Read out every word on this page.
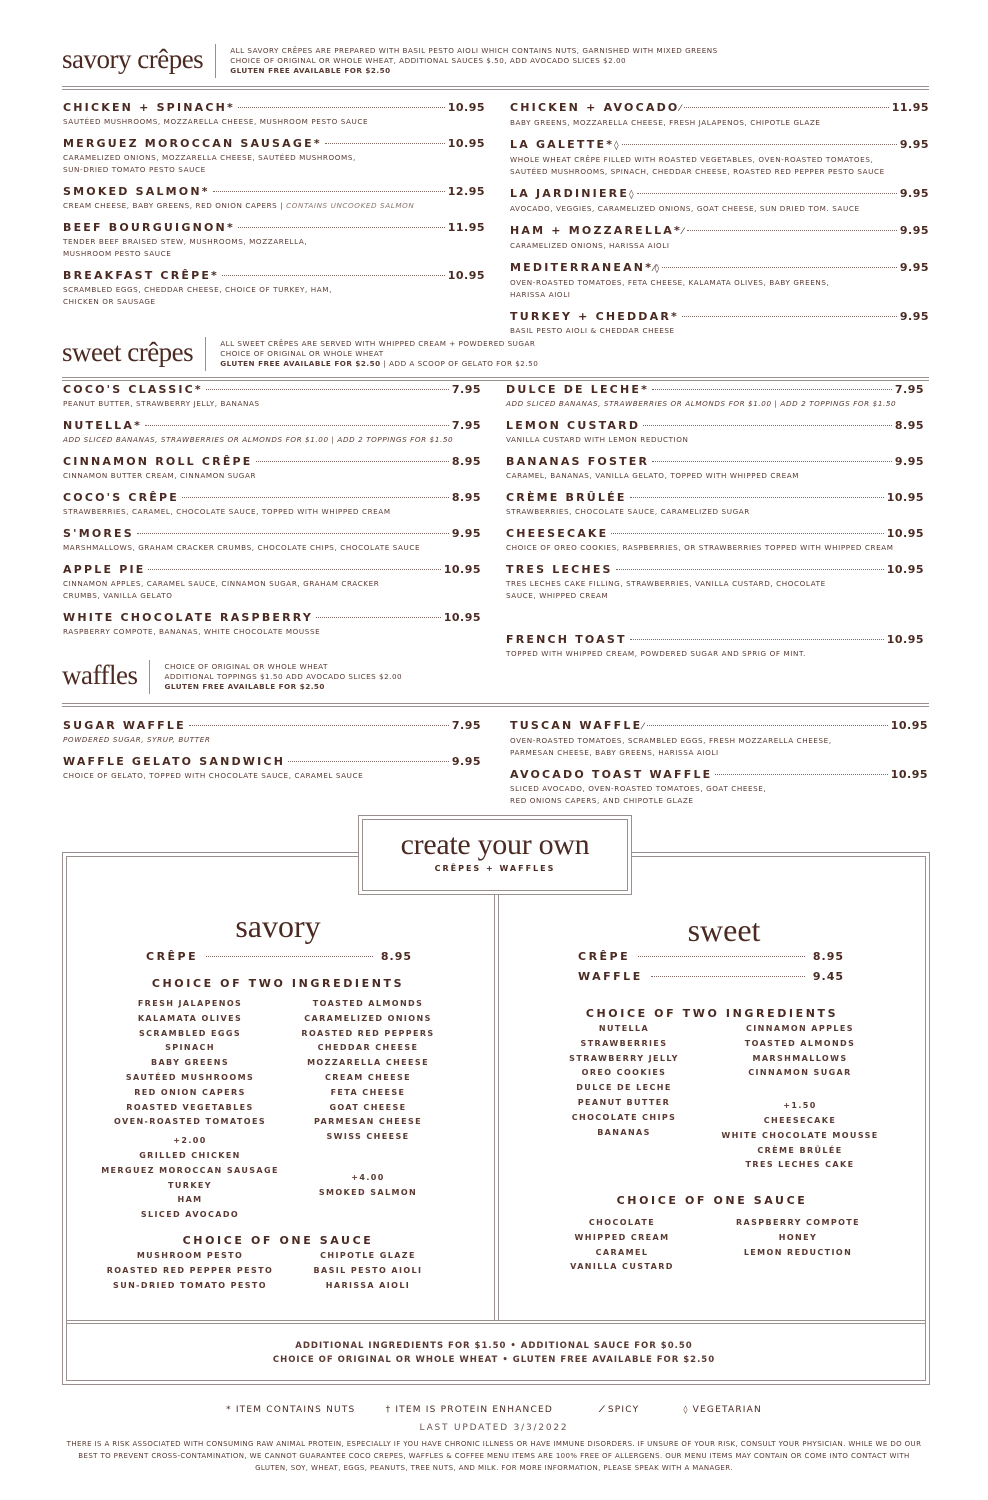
savory crêpes	ALL SAVORY CRÊPES ARE PREPARED WITH BASIL PESTO AIOLI WHICH CONTAINS NUTS, GARNISHED WITH MIXED GREENS
CHOICE OF ORIGINAL OR WHOLE WHEAT, ADDITIONAL SAUCES $.50, ADD AVOCADO SLICES $2.00
GLUTEN FREE AVAILABLE FOR $2.50
CHICKEN + SPINACH*	10.95
SAUTÉED MUSHROOMS, MOZZARELLA CHEESE, MUSHROOM PESTO SAUCE
MERGUEZ MOROCCAN SAUSAGE*	10.95
CARAMELIZED ONIONS, MOZZARELLA CHEESE, SAUTÉED MUSHROOMS,
SUN-DRIED TOMATO PESTO SAUCE
SMOKED SALMON*	12.95
CREAM CHEESE, BABY GREENS, RED ONION CAPERS | CONTAINS UNCOOKED SALMON
BEEF BOURGUIGNON*	11.95
TENDER BEEF BRAISED STEW, MUSHROOMS, MOZZARELLA,
MUSHROOM PESTO SAUCE
BREAKFAST CRÊPE*	10.95
SCRAMBLED EGGS, CHEDDAR CHEESE, CHOICE OF TURKEY, HAM,
CHICKEN OR SAUSAGE
CHICKEN + AVOCADO ⁄	11.95
BABY GREENS, MOZZARELLA CHEESE, FRESH JALAPENOS, CHIPOTLE GLAZE
LA GALETTE* ◊	9.95
WHOLE WHEAT CRÊPE FILLED WITH ROASTED VEGETABLES, OVEN-ROASTED TOMATOES,
SAUTÉED MUSHROOMS, SPINACH, CHEDDAR CHEESE, ROASTED RED PEPPER PESTO SAUCE
LA JARDINIERE ◊	9.95
AVOCADO, VEGGIES, CARAMELIZED ONIONS, GOAT CHEESE, SUN DRIED TOM. SAUCE
HAM + MOZZARELLA* ⁄	9.95
CARAMELIZED ONIONS, HARISSA AIOLI
MEDITERRANEAN* ⁄ ◊	9.95
OVEN-ROASTED TOMATOES, FETA CHEESE, KALAMATA OLIVES, BABY GREENS,
HARISSA AIOLI
TURKEY + CHEDDAR*	9.95
BASIL PESTO AIOLI & CHEDDAR CHEESE
sweet crêpes	ALL SWEET CRÊPES ARE SERVED WITH WHIPPED CREAM + POWDERED SUGAR
CHOICE OF ORIGINAL OR WHOLE WHEAT
GLUTEN FREE AVAILABLE FOR $2.50 | ADD A SCOOP OF GELATO FOR $2.50
COCO'S CLASSIC*	7.95
PEANUT BUTTER, STRAWBERRY JELLY, BANANAS
NUTELLA*	7.95
ADD SLICED BANANAS, STRAWBERRIES OR ALMONDS FOR $1.00 | ADD 2 TOPPINGS FOR $1.50
CINNAMON ROLL CRÊPE	8.95
CINNAMON BUTTER CREAM, CINNAMON SUGAR
COCO'S CRÊPE	8.95
STRAWBERRIES, CARAMEL, CHOCOLATE SAUCE, TOPPED WITH WHIPPED CREAM
S'MORES	9.95
MARSHMALLOWS, GRAHAM CRACKER CRUMBS, CHOCOLATE CHIPS, CHOCOLATE SAUCE
APPLE PIE	10.95
CINNAMON APPLES, CARAMEL SAUCE, CINNAMON SUGAR, GRAHAM CRACKER
CRUMBS, VANILLA GELATO
WHITE CHOCOLATE RASPBERRY	10.95
RASPBERRY COMPOTE, BANANAS, WHITE CHOCOLATE MOUSSE
DULCE DE LECHE*	7.95
ADD SLICED BANANAS, STRAWBERRIES OR ALMONDS FOR $1.00 | ADD 2 TOPPINGS FOR $1.50
LEMON CUSTARD	8.95
VANILLA CUSTARD WITH LEMON REDUCTION
BANANAS FOSTER	9.95
CARAMEL, BANANAS, VANILLA GELATO, TOPPED WITH WHIPPED CREAM
CRÈME BRÛLÉE	10.95
STRAWBERRIES, CHOCOLATE SAUCE, CARAMELIZED SUGAR
CHEESECAKE	10.95
CHOICE OF OREO COOKIES, RASPBERRIES, OR STRAWBERRIES TOPPED WITH WHIPPED CREAM
TRES LECHES	10.95
TRES LECHES CAKE FILLING, STRAWBERRIES, VANILLA CUSTARD, CHOCOLATE
SAUCE, WHIPPED CREAM
FRENCH TOAST	10.95
TOPPED WITH WHIPPED CREAM, POWDERED SUGAR AND SPRIG OF MINT.
waffles	CHOICE OF ORIGINAL OR WHOLE WHEAT
ADDITIONAL TOPPINGS $1.50 ADD AVOCADO SLICES $2.00
GLUTEN FREE AVAILABLE FOR $2.50
SUGAR WAFFLE	7.95
POWDERED SUGAR, SYRUP, BUTTER
WAFFLE GELATO SANDWICH	9.95
CHOICE OF GELATO, TOPPED WITH CHOCOLATE SAUCE, CARAMEL SAUCE
TUSCAN WAFFLE ⁄	10.95
OVEN-ROASTED TOMATOES, SCRAMBLED EGGS, FRESH MOZZARELLA CHEESE,
PARMESAN CHEESE, BABY GREENS, HARISSA AIOLI
AVOCADO TOAST WAFFLE	10.95
SLICED AVOCADO, OVEN-ROASTED TOMATOES, GOAT CHEESE,
RED ONIONS CAPERS, AND CHIPOTLE GLAZE
create your own
CRÊPES + WAFFLES
savory
CRÊPE	8.95
CHOICE OF TWO INGREDIENTS
FRESH JALAPENOS
KALAMATA OLIVES
SCRAMBLED EGGS
SPINACH
BABY GREENS
SAUTÉED MUSHROOMS
RED ONION CAPERS
ROASTED VEGETABLES
OVEN-ROASTED TOMATOES
+2.00
GRILLED CHICKEN
MERGUEZ MOROCCAN SAUSAGE
TURKEY
HAM
SLICED AVOCADO
TOASTED ALMONDS
CARAMELIZED ONIONS
ROASTED RED PEPPERS
CHEDDAR CHEESE
MOZZARELLA CHEESE
CREAM CHEESE
FETA CHEESE
GOAT CHEESE
PARMESAN CHEESE
SWISS CHEESE
+4.00
SMOKED SALMON
CHOICE OF ONE SAUCE
MUSHROOM PESTO
ROASTED RED PEPPER PESTO
SUN-DRIED TOMATO PESTO
CHIPOTLE GLAZE
BASIL PESTO AIOLI
HARISSA AIOLI
sweet
CRÊPE	8.95
WAFFLE	9.45
CHOICE OF TWO INGREDIENTS
NUTELLA
STRAWBERRIES
STRAWBERRY JELLY
OREO COOKIES
DULCE DE LECHE
PEANUT BUTTER
CHOCOLATE CHIPS
BANANAS
CINNAMON APPLES
TOASTED ALMONDS
MARSHMALLOWS
CINNAMON SUGAR
+1.50
CHEESECAKE
WHITE CHOCOLATE MOUSSE
CRÈME BRÛLÉE
TRES LECHES CAKE
CHOICE OF ONE SAUCE
CHOCOLATE
WHIPPED CREAM
CARAMEL
VANILLA CUSTARD
RASPBERRY COMPOTE
HONEY
LEMON REDUCTION
ADDITIONAL INGREDIENTS FOR $1.50 • ADDITIONAL SAUCE FOR $0.50
CHOICE OF ORIGINAL OR WHOLE WHEAT • GLUTEN FREE AVAILABLE FOR $2.50
* ITEM CONTAINS NUTS	† ITEM IS PROTEIN ENHANCED	⁄ SPICY	◊ VEGETARIAN
LAST UPDATED 3/3/2022
THERE IS A RISK ASSOCIATED WITH CONSUMING RAW ANIMAL PROTEIN, ESPECIALLY IF YOU HAVE CHRONIC ILLNESS OR HAVE IMMUNE DISORDERS. IF UNSURE OF YOUR RISK, CONSULT YOUR PHYSICIAN. WHILE WE DO OUR BEST TO PREVENT CROSS-CONTAMINATION, WE CANNOT GUARANTEE COCO CREPES, WAFFLES & COFFEE MENU ITEMS ARE 100% FREE OF ALLERGENS. OUR MENU ITEMS MAY CONTAIN OR COME INTO CONTACT WITH GLUTEN, SOY, WHEAT, EGGS, PEANUTS, TREE NUTS, AND MILK. FOR MORE INFORMATION, PLEASE SPEAK WITH A MANAGER.
